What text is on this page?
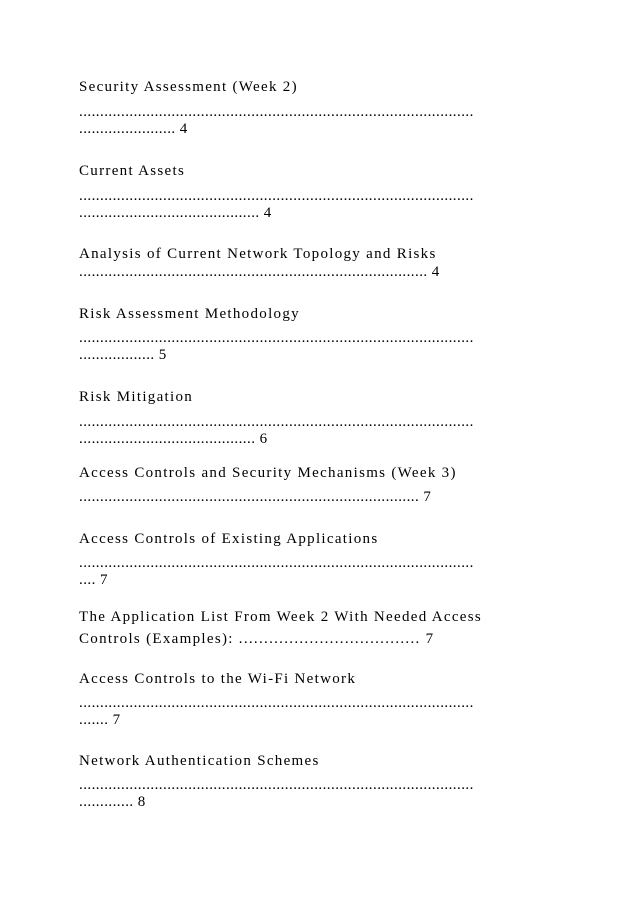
Security Assessment (Week 2)
..............................................................................................
....................... 4
Current Assets
..............................................................................................
........................................... 4
Analysis of Current Network Topology and Risks
................................................................................... 4
Risk Assessment Methodology
..............................................................................................
.................. 5
Risk Mitigation
..............................................................................................
.......................................... 6
Access Controls and Security Mechanisms (Week 3)
................................................................................. 7
Access Controls of Existing Applications
..............................................................................................
.... 7
The Application List From Week 2 With Needed Access
Controls (Examples): .................................... 7
Access Controls to the Wi-Fi Network
..............................................................................................
....... 7
Network Authentication Schemes
..............................................................................................
............. 8
